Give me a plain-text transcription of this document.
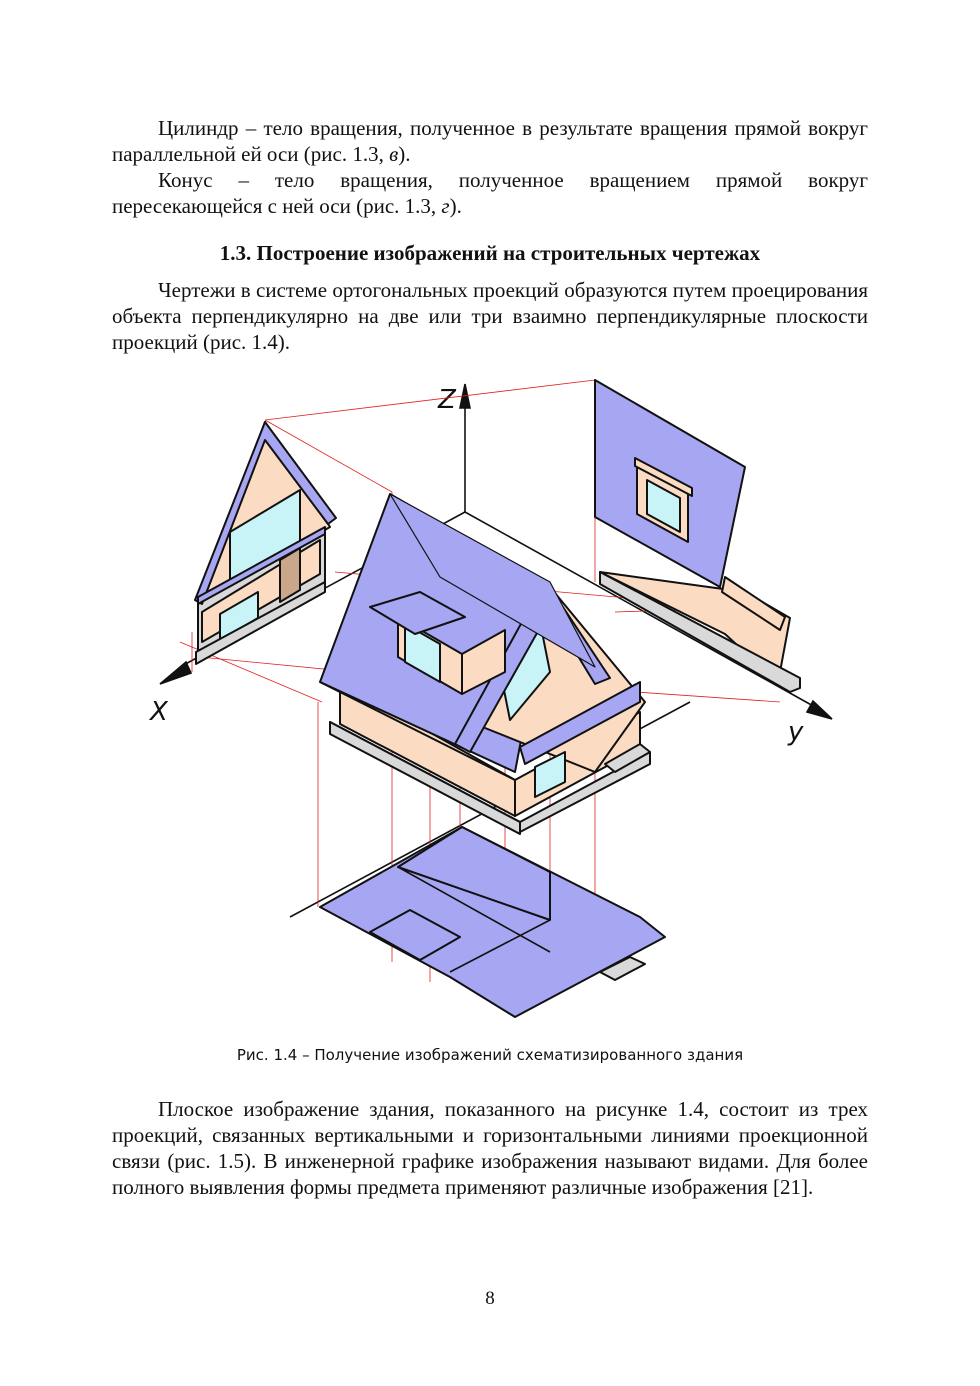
Цилиндр – тело вращения, полученное в результате вращения прямой вокруг параллельной ей оси (рис. 1.3, в).

Конус – тело вращения, полученное вращением прямой вокруг пересекающейся с ней оси (рис. 1.3, г).

1.3. Построение изображений на строительных чертежах

Чертежи в системе ортогональных проекций образуются путем проецирования объекта перпендикулярно на две или три взаимно перпендикулярные плоскости проекций (рис. 1.4).

Z
X
y

Рис. 1.4 – Получение изображений схематизированного здания

Плоское изображение здания, показанного на рисунке 1.4, состоит из трех проекций, связанных вертикальными и горизонтальными линиями проекционной связи (рис. 1.5). В инженерной графике изображения называют видами. Для более полного выявления формы предмета применяют различные изображения [21].

8
